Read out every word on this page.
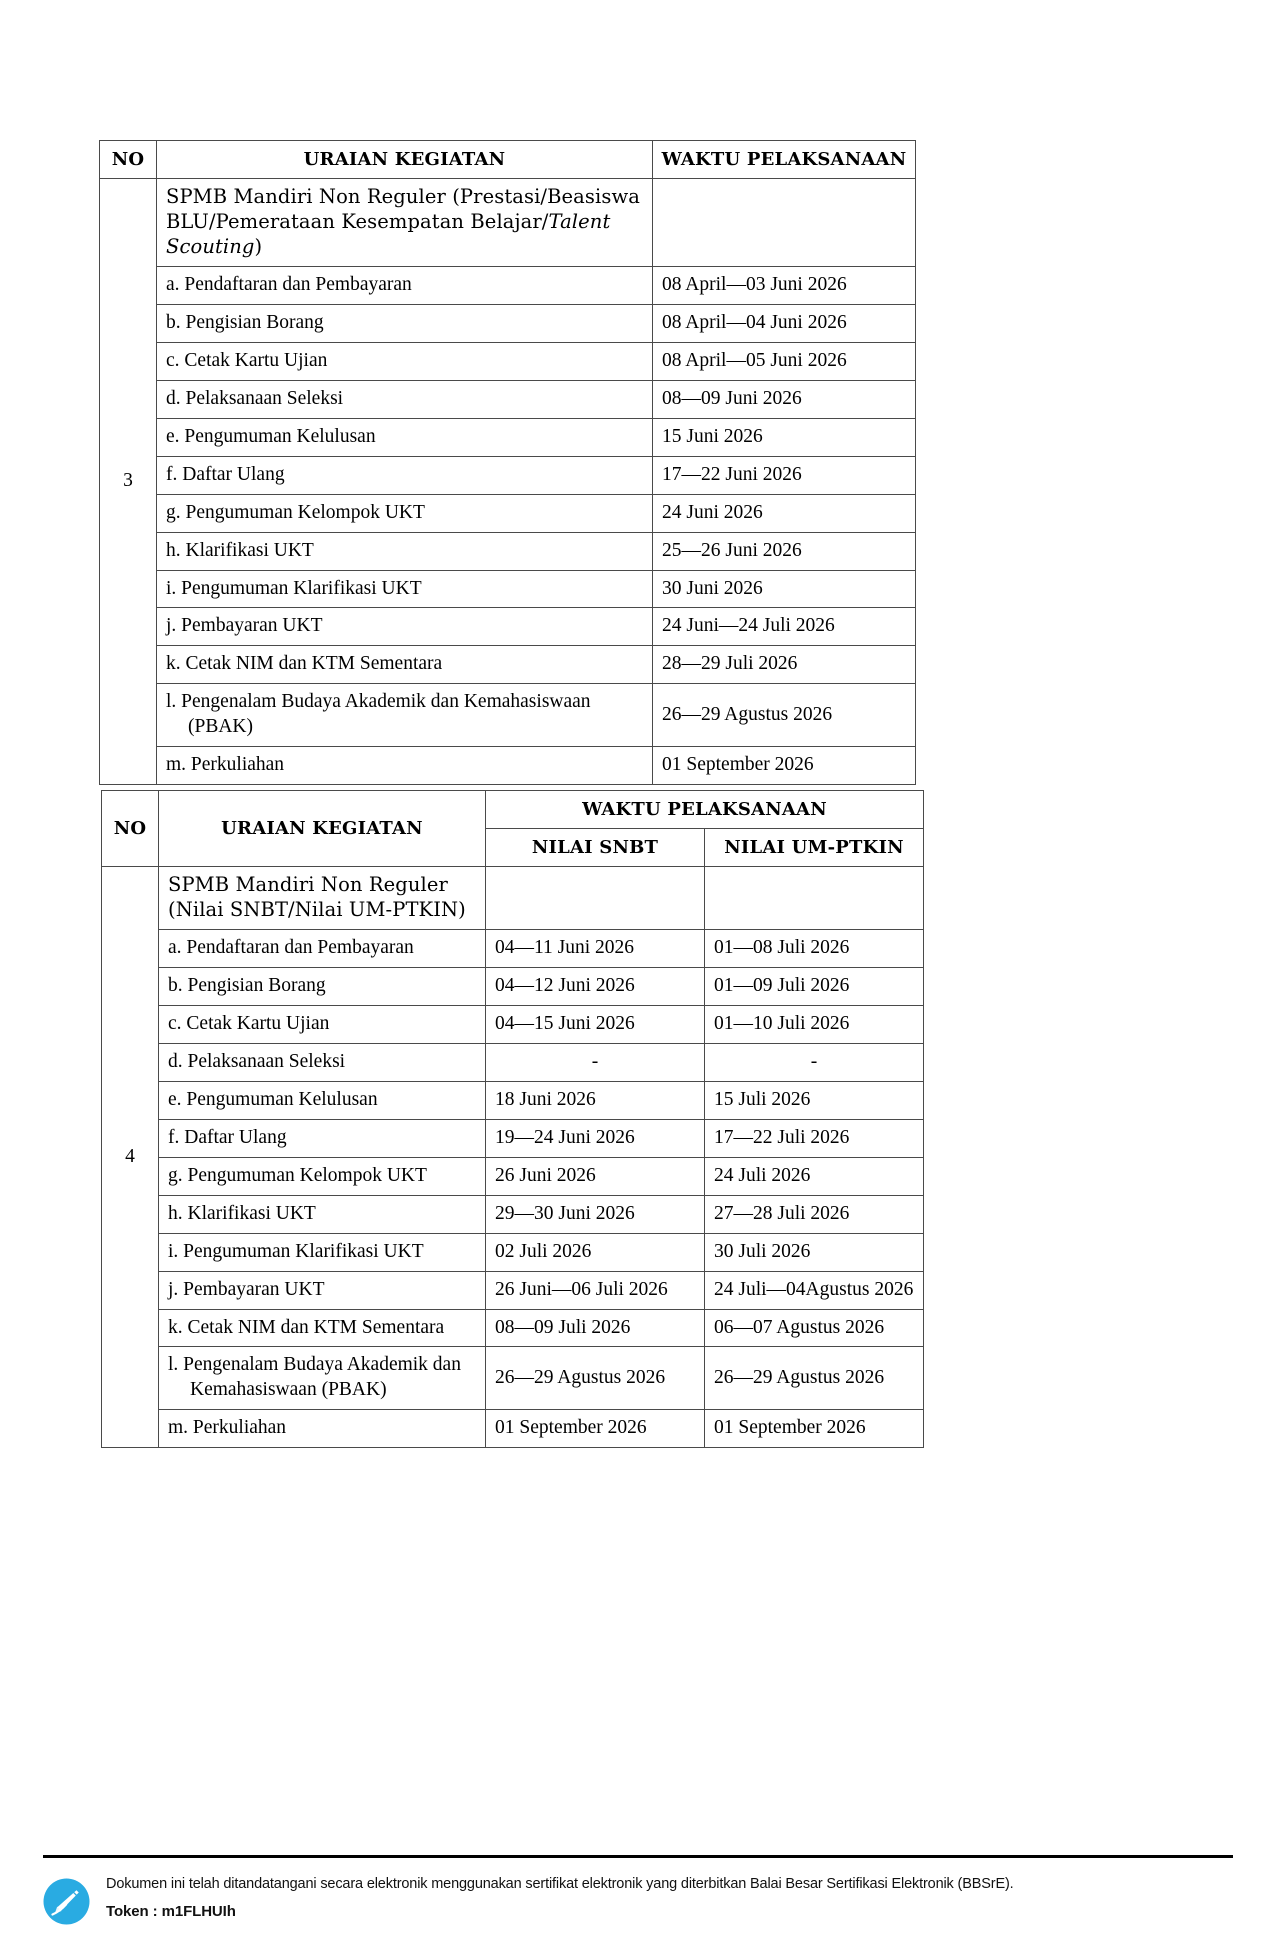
NO	URAIAN KEGIATAN	WAKTU PELAKSANAAN
3	SPMB Mandiri Non Reguler (Prestasi/Beasiswa BLU/Pemerataan Kesempatan Belajar/Talent Scouting)	
	a. Pendaftaran dan Pembayaran	08 April—03 Juni 2026
	b. Pengisian Borang	08 April—04 Juni 2026
	c. Cetak Kartu Ujian	08 April—05 Juni 2026
	d. Pelaksanaan Seleksi	08—09 Juni 2026
	e. Pengumuman Kelulusan	15 Juni 2026
	f. Daftar Ulang	17—22 Juni 2026
	g. Pengumuman Kelompok UKT	24 Juni 2026
	h. Klarifikasi UKT	25—26 Juni 2026
	i. Pengumuman Klarifikasi UKT	30 Juni 2026
	j. Pembayaran UKT	24 Juni—24 Juli 2026
	k. Cetak NIM dan KTM Sementara	28—29 Juli 2026
	l. Pengenalam Budaya Akademik dan Kemahasiswaan (PBAK)	26—29 Agustus 2026
	m. Perkuliahan	01 September 2026
NO	URAIAN KEGIATAN	WAKTU PELAKSANAAN	
		NILAI SNBT	NILAI UM-PTKIN
4	SPMB Mandiri Non Reguler (Nilai SNBT/Nilai UM-PTKIN)		
	a. Pendaftaran dan Pembayaran	04—11 Juni 2026	01—08 Juli 2026
	b. Pengisian Borang	04—12 Juni 2026	01—09 Juli 2026
	c. Cetak Kartu Ujian	04—15 Juni 2026	01—10 Juli 2026
	d. Pelaksanaan Seleksi	-	-
	e. Pengumuman Kelulusan	18 Juni 2026	15 Juli 2026
	f. Daftar Ulang	19—24 Juni 2026	17—22 Juli 2026
	g. Pengumuman Kelompok UKT	26 Juni 2026	24 Juli 2026
	h. Klarifikasi UKT	29—30 Juni 2026	27—28 Juli 2026
	i. Pengumuman Klarifikasi UKT	02 Juli 2026	30 Juli 2026
	j. Pembayaran UKT	26 Juni—06 Juli 2026	24 Juli—04Agustus 2026
	k. Cetak NIM dan KTM Sementara	08—09 Juli 2026	06—07 Agustus 2026
	l. Pengenalam Budaya Akademik dan Kemahasiswaan (PBAK)	26—29 Agustus 2026	26—29 Agustus 2026
	m. Perkuliahan	01 September 2026	01 September 2026
Dokumen ini telah ditandatangani secara elektronik menggunakan sertifikat elektronik yang diterbitkan Balai Besar Sertifikasi Elektronik (BBSrE).
Token : m1FLHUIh
